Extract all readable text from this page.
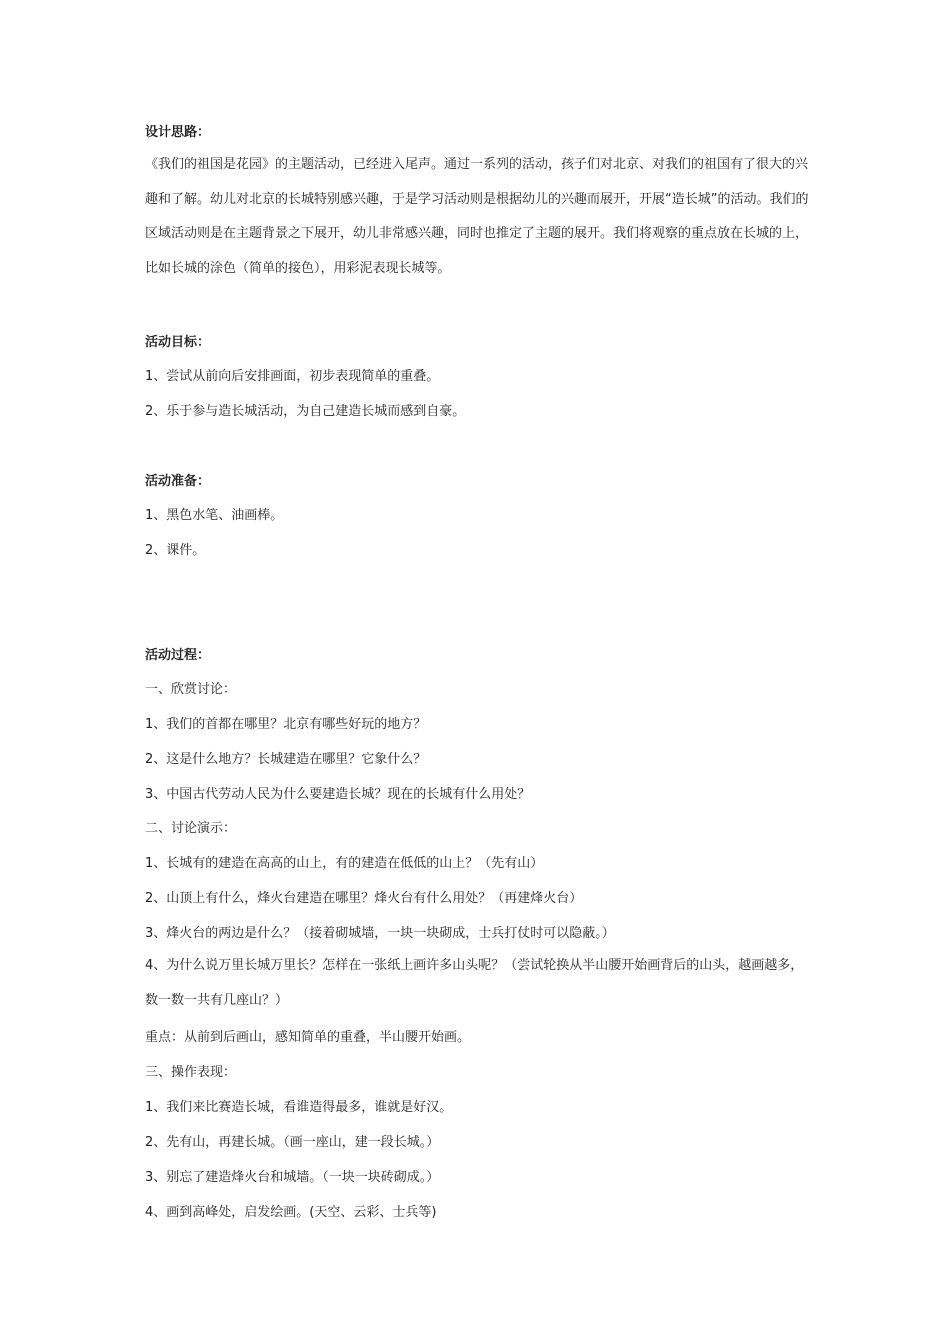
设计思路：

《我们的祖国是花园》的主题活动，已经进入尾声。通过一系列的活动，孩子们对北京、对我们的祖国有了很大的兴趣和了解。幼儿对北京的长城特别感兴趣，于是学习活动则是根据幼儿的兴趣而展开，开展“造长城”的活动。我们的区域活动则是在主题背景之下展开，幼儿非常感兴趣，同时也推定了主题的展开。我们将观察的重点放在长城的上，比如长城的涂色（简单的接色），用彩泥表现长城等。

活动目标：
1、尝试从前向后安排画面，初步表现简单的重叠。
2、乐于参与造长城活动，为自己建造长城而感到自豪。
活动准备：
1、黑色水笔、油画棒。
2、课件。
活动过程：
一、欣赏讨论：
1、我们的首都在哪里？北京有哪些好玩的地方？
2、这是什么地方？长城建造在哪里？它象什么？
3、中国古代劳动人民为什么要建造长城？现在的长城有什么用处？
二、讨论演示：
1、长城有的建造在高高的山上，有的建造在低低的山上？（先有山）
2、山顶上有什么，烽火台建造在哪里？烽火台有什么用处？（再建烽火台）
3、烽火台的两边是什么？（接着砌城墙，一块一块砌成，士兵打仗时可以隐蔽。）

4、为什么说万里长城万里长？怎样在一张纸上画许多山头呢？（尝试轮换从半山腰开始画背后的山头，越画越多，数一数一共有几座山？）

重点：从前到后画山，感知简单的重叠，半山腰开始画。
三、操作表现：
1、我们来比赛造长城，看谁造得最多，谁就是好汉。
2、先有山，再建长城。（画一座山，建一段长城。）
3、别忘了建造烽火台和城墙。（一块一块砖砌成。）
4、画到高峰处，启发绘画。(天空、云彩、士兵等)
